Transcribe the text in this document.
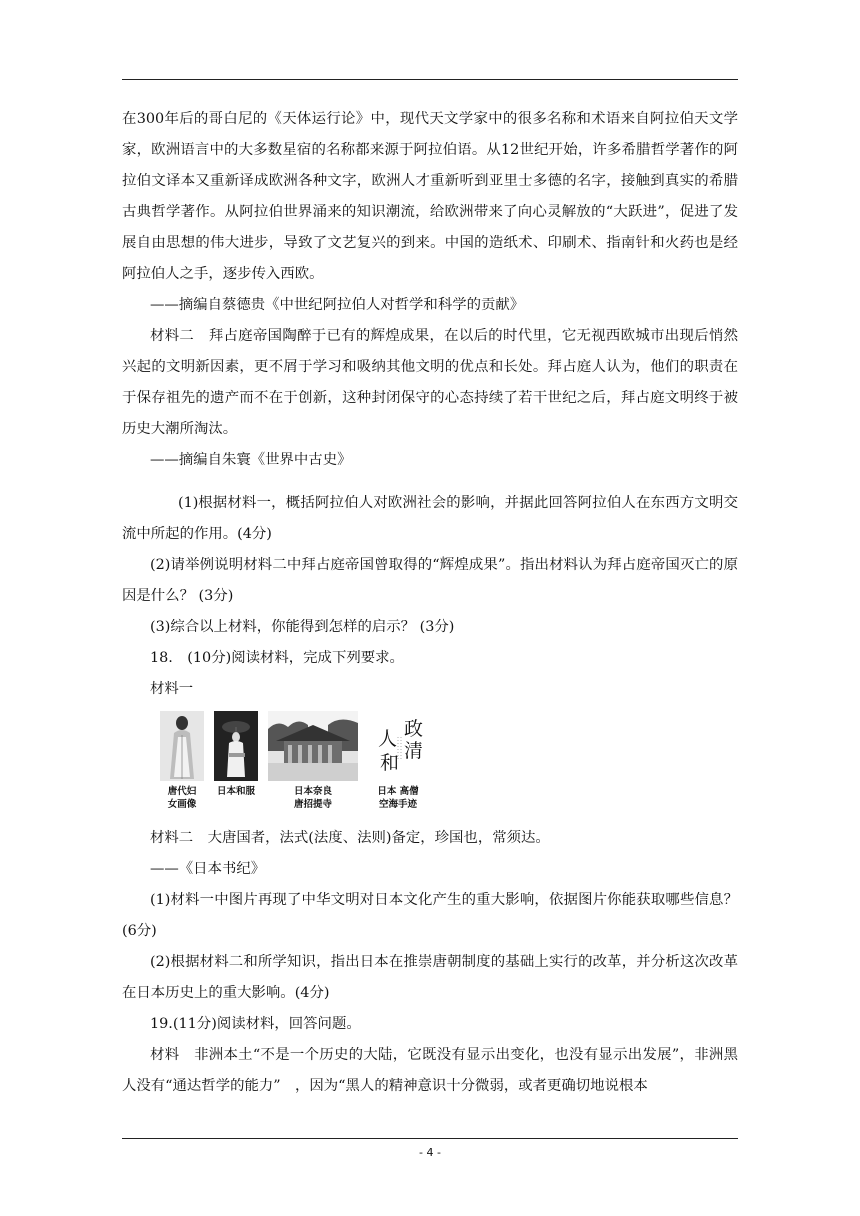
在300年后的哥白尼的《天体运行论》中，现代天文学家中的很多名称和术语来自阿拉伯天文学家，欧洲语言中的大多数星宿的名称都来源于阿拉伯语。从12世纪开始，许多希腊哲学著作的阿拉伯文译本又重新译成欧洲各种文字，欧洲人才重新听到亚里士多德的名字，接触到真实的希腊古典哲学著作。从阿拉伯世界涌来的知识潮流，给欧洲带来了向心灵解放的“大跃进”，促进了发展自由思想的伟大进步，导致了文艺复兴的到来。中国的造纸术、印刷术、指南针和火药也是经阿拉伯人之手，逐步传入西欧。

——摘编自蔡德贵《中世纪阿拉伯人对哲学和科学的贡献》

材料二　拜占庭帝国陶醉于已有的辉煌成果，在以后的时代里，它无视西欧城市出现后悄然兴起的文明新因素，更不屑于学习和吸纳其他文明的优点和长处。拜占庭人认为，他们的职责在于保存祖先的遗产而不在于创新，这种封闭保守的心态持续了若干世纪之后，拜占庭文明终于被历史大潮所淘汰。

——摘编自朱寰《世界中古史》

(1)根据材料一，概括阿拉伯人对欧洲社会的影响，并据此回答阿拉伯人在东西方文明交流中所起的作用。(4分)

(2)请举例说明材料二中拜占庭帝国曾取得的“辉煌成果”。指出材料认为拜占庭帝国灭亡的原因是什么？ (3分)

(3)综合以上材料，你能得到怎样的启示？ (3分)

18.　(10分)阅读材料，完成下列要求。

材料一

唐代妇
女画像
日本和服	日本奈良
唐招提寺
政
人
清
和
日本 高僧
空海手迹

材料二　大唐国者，法式(法度、法则)备定，珍国也，常须达。

——《日本书纪》

(1)材料一中图片再现了中华文明对日本文化产生的重大影响，依据图片你能获取哪些信息？ (6分)

(2)根据材料二和所学知识，指出日本在推崇唐朝制度的基础上实行的改革，并分析这次改革在日本历史上的重大影响。(4分)

19.(11分)阅读材料，回答问题。

材料　非洲本土“不是一个历史的大陆，它既没有显示出变化，也没有显示出发展”，非洲黑人没有“通达哲学的能力”　，因为“黑人的精神意识十分微弱，或者更确切地说根本

- 4 -
